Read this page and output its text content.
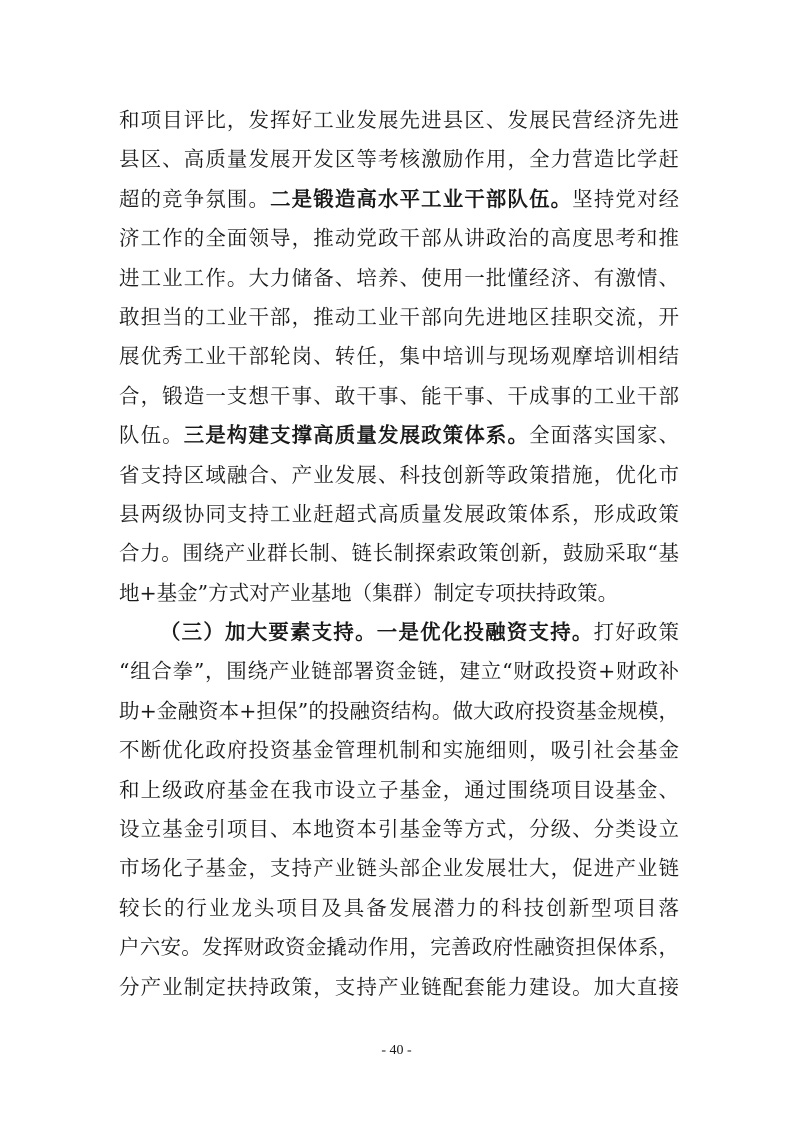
和项目评比，发挥好工业发展先进县区、发展民营经济先进
县区、高质量发展开发区等考核激励作用，全力营造比学赶
超的竞争氛围。二是锻造高水平工业干部队伍。坚持党对经
济工作的全面领导，推动党政干部从讲政治的高度思考和推
进工业工作。大力储备、培养、使用一批懂经济、有激情、
敢担当的工业干部，推动工业干部向先进地区挂职交流，开
展优秀工业干部轮岗、转任，集中培训与现场观摩培训相结
合，锻造一支想干事、敢干事、能干事、干成事的工业干部
队伍。三是构建支撑高质量发展政策体系。全面落实国家、
省支持区域融合、产业发展、科技创新等政策措施，优化市
县两级协同支持工业赶超式高质量发展政策体系，形成政策
合力。围绕产业群长制、链长制探索政策创新，鼓励采取“基
地+基金”方式对产业基地（集群）制定专项扶持政策。
（三）加大要素支持。一是优化投融资支持。打好政策
“组合拳”，围绕产业链部署资金链，建立“财政投资+财政补
助+金融资本+担保”的投融资结构。做大政府投资基金规模，
不断优化政府投资基金管理机制和实施细则，吸引社会基金
和上级政府基金在我市设立子基金，通过围绕项目设基金、
设立基金引项目、本地资本引基金等方式，分级、分类设立
市场化子基金，支持产业链头部企业发展壮大，促进产业链
较长的行业龙头项目及具备发展潜力的科技创新型项目落
户六安。发挥财政资金撬动作用，完善政府性融资担保体系，
分产业制定扶持政策，支持产业链配套能力建设。加大直接
- 40 -
